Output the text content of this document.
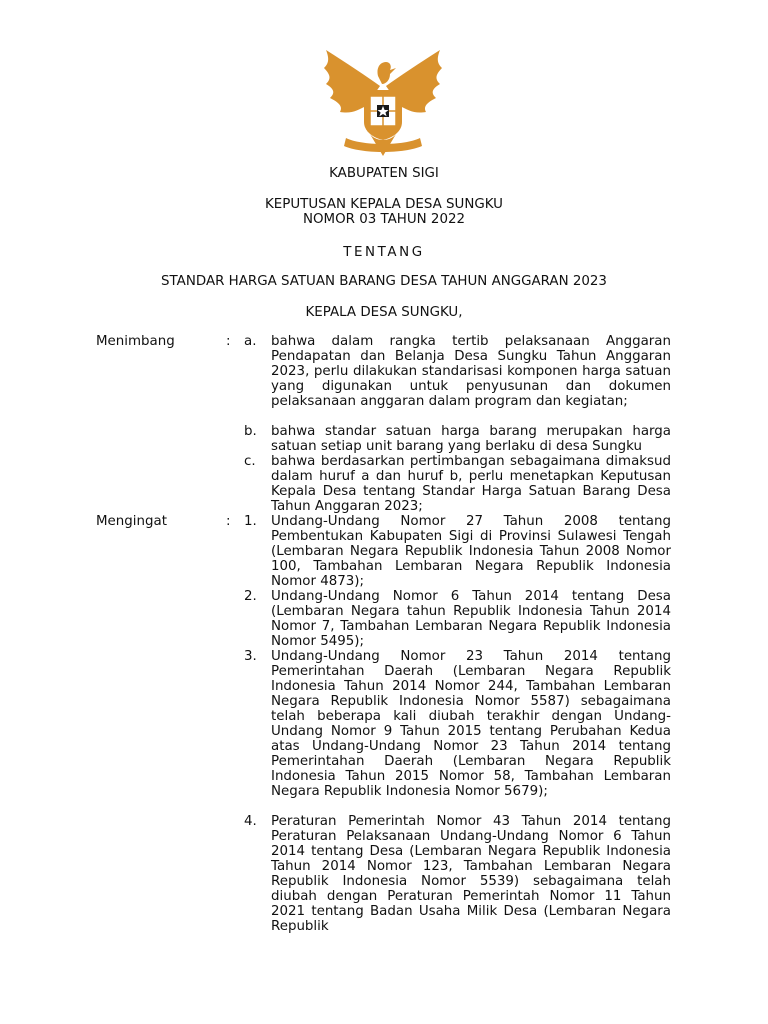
KABUPATEN SIGI
KEPUTUSAN KEPALA DESA SUNGKU
NOMOR 03 TAHUN 2022
TENTANG
STANDAR HARGA SATUAN BARANG DESA TAHUN ANGGARAN 2023
KEPALA DESA SUNGKU,
Menimbang	: a.	bahwa dalam rangka tertib pelaksanaan Anggaran Pendapatan dan Belanja Desa Sungku Tahun Anggaran 2023, perlu dilakukan standarisasi komponen harga satuan yang digunakan untuk penyusunan dan dokumen pelaksanaan anggaran dalam program dan kegiatan;
b.	bahwa standar satuan harga barang merupakan harga satuan setiap unit barang yang berlaku di desa Sungku
c.	bahwa berdasarkan pertimbangan sebagaimana dimaksud dalam huruf a dan huruf b, perlu menetapkan Keputusan Kepala Desa tentang Standar Harga Satuan Barang Desa Tahun Anggaran 2023;
Mengingat	: 1.	Undang-Undang Nomor 27 Tahun 2008 tentang Pembentukan Kabupaten Sigi di Provinsi Sulawesi Tengah (Lembaran Negara Republik Indonesia Tahun 2008 Nomor 100, Tambahan Lembaran Negara Republik Indonesia Nomor 4873);
2.	Undang-Undang Nomor 6 Tahun 2014 tentang Desa (Lembaran Negara tahun Republik Indonesia Tahun 2014 Nomor 7, Tambahan Lembaran Negara Republik Indonesia Nomor 5495);
3.	Undang-Undang Nomor 23 Tahun 2014 tentang Pemerintahan Daerah (Lembaran Negara Republik Indonesia Tahun 2014 Nomor 244, Tambahan Lembaran Negara Republik Indonesia Nomor 5587) sebagaimana telah beberapa kali diubah terakhir dengan Undang-Undang Nomor 9 Tahun 2015 tentang Perubahan Kedua atas Undang-Undang Nomor 23 Tahun 2014 tentang Pemerintahan Daerah (Lembaran Negara Republik Indonesia Tahun 2015 Nomor 58, Tambahan Lembaran Negara Republik Indonesia Nomor 5679);
4.	Peraturan Pemerintah Nomor 43 Tahun 2014 tentang Peraturan Pelaksanaan Undang-Undang Nomor 6 Tahun 2014 tentang Desa (Lembaran Negara Republik Indonesia Tahun 2014 Nomor 123, Tambahan Lembaran Negara Republik Indonesia Nomor 5539) sebagaimana telah diubah dengan Peraturan Pemerintah Nomor 11 Tahun 2021 tentang Badan Usaha Milik Desa (Lembaran Negara Republik
